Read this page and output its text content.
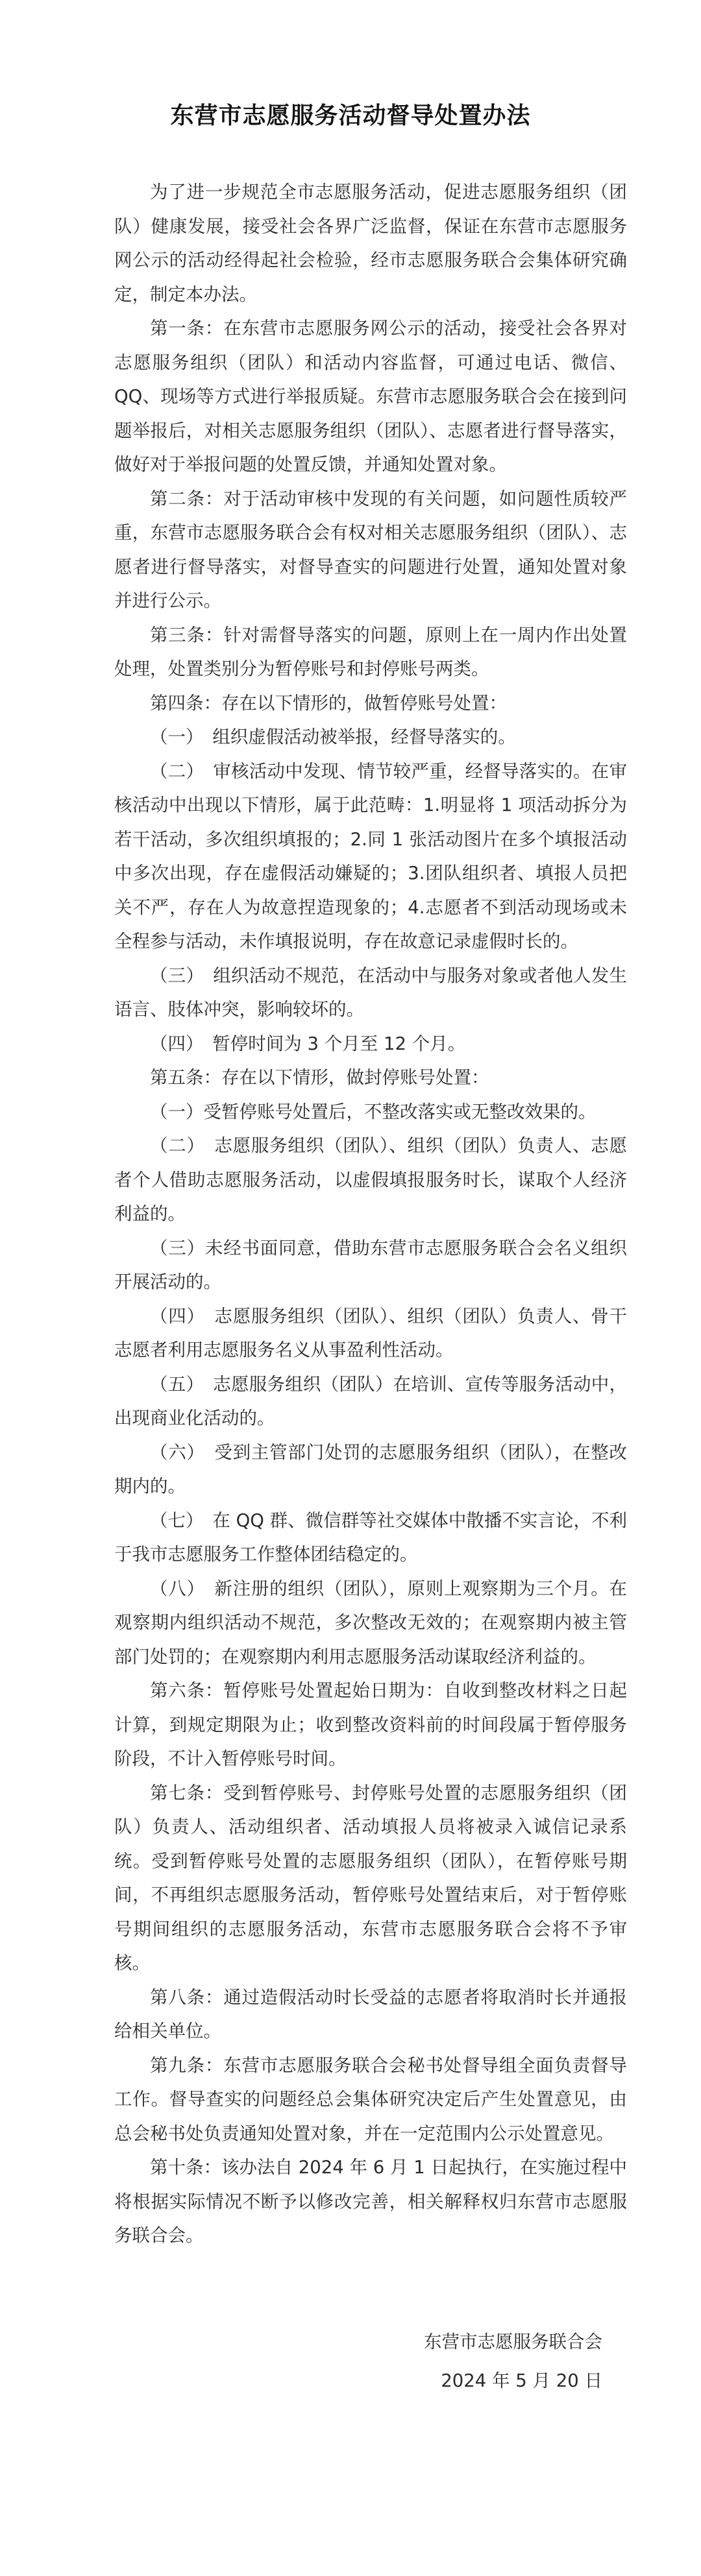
东营市志愿服务活动督导处置办法

为了进一步规范全市志愿服务活动，促进志愿服务组织（团队）健康发展，接受社会各界广泛监督，保证在东营市志愿服务网公示的活动经得起社会检验，经市志愿服务联合会集体研究确定，制定本办法。

第一条：在东营市志愿服务网公示的活动，接受社会各界对志愿服务组织（团队）和活动内容监督，可通过电话、微信、QQ、现场等方式进行举报质疑。东营市志愿服务联合会在接到问题举报后，对相关志愿服务组织（团队）、志愿者进行督导落实，做好对于举报问题的处置反馈，并通知处置对象。

第二条：对于活动审核中发现的有关问题，如问题性质较严重，东营市志愿服务联合会有权对相关志愿服务组织（团队）、志愿者进行督导落实，对督导查实的问题进行处置，通知处置对象并进行公示。

第三条：针对需督导落实的问题，原则上在一周内作出处置处理，处置类别分为暂停账号和封停账号两类。

第四条：存在以下情形的，做暂停账号处置：

（一）　组织虚假活动被举报，经督导落实的。

（二）　审核活动中发现、情节较严重，经督导落实的。在审核活动中出现以下情形，属于此范畴：1.明显将 1 项活动拆分为若干活动，多次组织填报的；2.同 1 张活动图片在多个填报活动中多次出现，存在虚假活动嫌疑的；3.团队组织者、填报人员把关不严，存在人为故意捏造现象的；4.志愿者不到活动现场或未全程参与活动，未作填报说明，存在故意记录虚假时长的。

（三）　组织活动不规范，在活动中与服务对象或者他人发生语言、肢体冲突，影响较坏的。

（四）　暂停时间为 3 个月至 12 个月。

第五条：存在以下情形，做封停账号处置：

（一）受暂停账号处置后，不整改落实或无整改效果的。

（二）　志愿服务组织（团队）、组织（团队）负责人、志愿者个人借助志愿服务活动，以虚假填报服务时长，谋取个人经济利益的。

（三）未经书面同意，借助东营市志愿服务联合会名义组织开展活动的。

（四）　志愿服务组织（团队）、组织（团队）负责人、骨干志愿者利用志愿服务名义从事盈利性活动。

（五）　志愿服务组织（团队）在培训、宣传等服务活动中，出现商业化活动的。

（六）　受到主管部门处罚的志愿服务组织（团队），在整改期内的。

（七）　在 QQ 群、微信群等社交媒体中散播不实言论，不利于我市志愿服务工作整体团结稳定的。

（八）　新注册的组织（团队），原则上观察期为三个月。在观察期内组织活动不规范，多次整改无效的；在观察期内被主管部门处罚的；在观察期内利用志愿服务活动谋取经济利益的。

第六条：暂停账号处置起始日期为：自收到整改材料之日起计算，到规定期限为止；收到整改资料前的时间段属于暂停服务阶段，不计入暂停账号时间。

第七条：受到暂停账号、封停账号处置的志愿服务组织（团队）负责人、活动组织者、活动填报人员将被录入诚信记录系统。受到暂停账号处置的志愿服务组织（团队），在暂停账号期间，不再组织志愿服务活动，暂停账号处置结束后，对于暂停账号期间组织的志愿服务活动，东营市志愿服务联合会将不予审核。

第八条：通过造假活动时长受益的志愿者将取消时长并通报给相关单位。

第九条：东营市志愿服务联合会秘书处督导组全面负责督导工作。督导查实的问题经总会集体研究决定后产生处置意见，由总会秘书处负责通知处置对象，并在一定范围内公示处置意见。

第十条：该办法自 2024 年 6 月 1 日起执行，在实施过程中将根据实际情况不断予以修改完善，相关解释权归东营市志愿服务联合会。

东营市志愿服务联合会
2024 年 5 月 20 日
